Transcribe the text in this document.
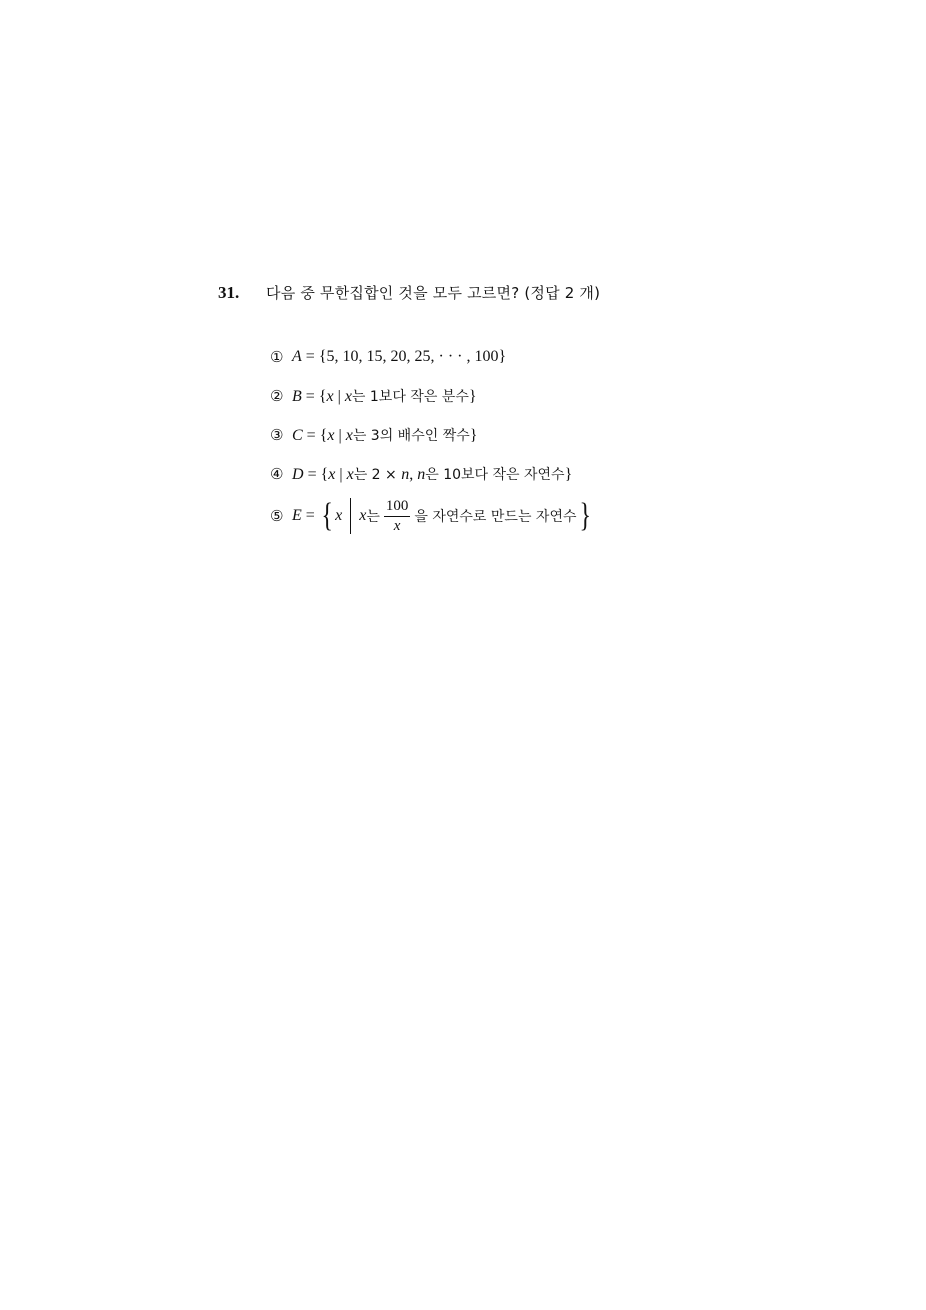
31.	다음 중 무한집합인 것을 모두 고르면? (정답 2 개)
① A = {5, 10, 15, 20, 25, · · · , 100}
② B = {x | x는 1보다 작은 분수}
③ C = {x | x는 3의 배수인 짝수}
④ D = {x | x는 2 × n, n은 10보다 작은 자연수}
⑤ E = { x x 는 $\frac{100}{x}$ 을 자연수로 만드는 자연수 }
